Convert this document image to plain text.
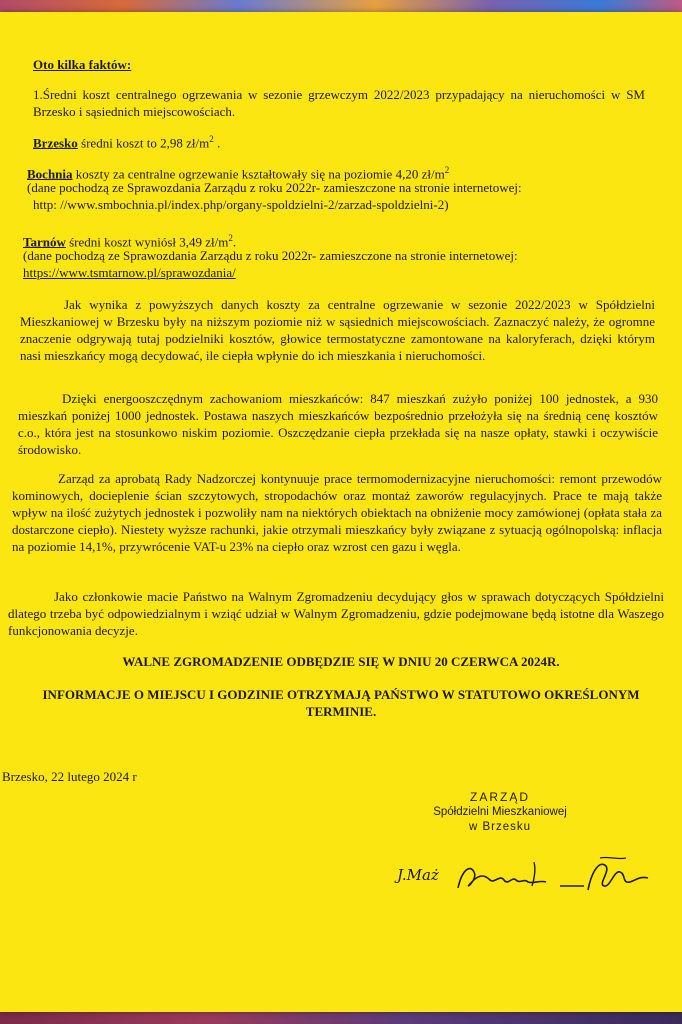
Oto kilka faktów:
1.Średni koszt centralnego ogrzewania w sezonie grzewczym 2022/2023 przypadający na nieruchomości w SM Brzesko i sąsiednich miejscowościach.
Brzesko średni koszt to 2,98 $zł/m^2$ .
Bochnia koszty za centralne ogrzewanie kształtowały się na poziomie 4,20 $zł/m^2$
(dane pochodzą ze Sprawozdania Zarządu z roku 2022r- zamieszczone na stronie internetowej:
http: //www.smbochnia.pl/index.php/organy-spoldzielni-2/zarzad-spoldzielni-2)
Tarnów średni koszt wyniósł 3,49 $zł/m^2$.
(dane pochodzą ze Sprawozdania Zarządu z roku 2022r- zamieszczone na stronie internetowej:
https://www.tsmtarnow.pl/sprawozdania/
Jak wynika z powyższych danych koszty za centralne ogrzewanie w sezonie 2022/2023 w Spółdzielni Mieszkaniowej w Brzesku były na niższym poziomie niż w sąsiednich miejscowościach. Zaznaczyć należy, że ogromne znaczenie odgrywają tutaj podzielniki kosztów, głowice termostatyczne zamontowane na kaloryferach, dzięki którym nasi mieszkańcy mogą decydować, ile ciepła wpłynie do ich mieszkania i nieruchomości.
Dzięki energooszczędnym zachowaniom mieszkańców: 847 mieszkań zużyło poniżej 100 jednostek, a 930 mieszkań poniżej 1000 jednostek. Postawa naszych mieszkańców bezpośrednio przełożyła się na średnią cenę kosztów c.o., która jest na stosunkowo niskim poziomie. Oszczędzanie ciepła przekłada się na nasze opłaty, stawki i oczywiście środowisko.
Zarząd za aprobatą Rady Nadzorczej kontynuuje prace termomodernizacyjne nieruchomości: remont przewodów kominowych, docieplenie ścian szczytowych, stropodachów oraz montaż zaworów regulacyjnych. Prace te mają także wpływ na ilość zużytych jednostek i pozwoliły nam na niektórych obiektach na obniżenie mocy zamówionej (opłata stała za dostarczone ciepło). Niestety wyższe rachunki, jakie otrzymali mieszkańcy były związane z sytuacją ogólnopolską: inflacja na poziomie 14,1%, przywrócenie VAT-u 23% na ciepło oraz wzrost cen gazu i węgla.
Jako członkowie macie Państwo na Walnym Zgromadzeniu decydujący głos w sprawach dotyczących Spółdzielni dlatego trzeba być odpowiedzialnym i wziąć udział w Walnym Zgromadzeniu, gdzie podejmowane będą istotne dla Waszego funkcjonowania decyzje.
WALNE ZGROMADZENIE ODBĘDZIE SIĘ W DNIU 20 CZERWCA 2024R.
INFORMACJE O MIEJSCU I GODZINIE OTRZYMAJĄ PAŃSTWO W STATUTOWO OKREŚLONYM
TERMINIE.
Brzesko, 22 lutego 2024 r
ZARZĄD
Spółdzielni Mieszkaniowej
w Brzesku
J.Maż
